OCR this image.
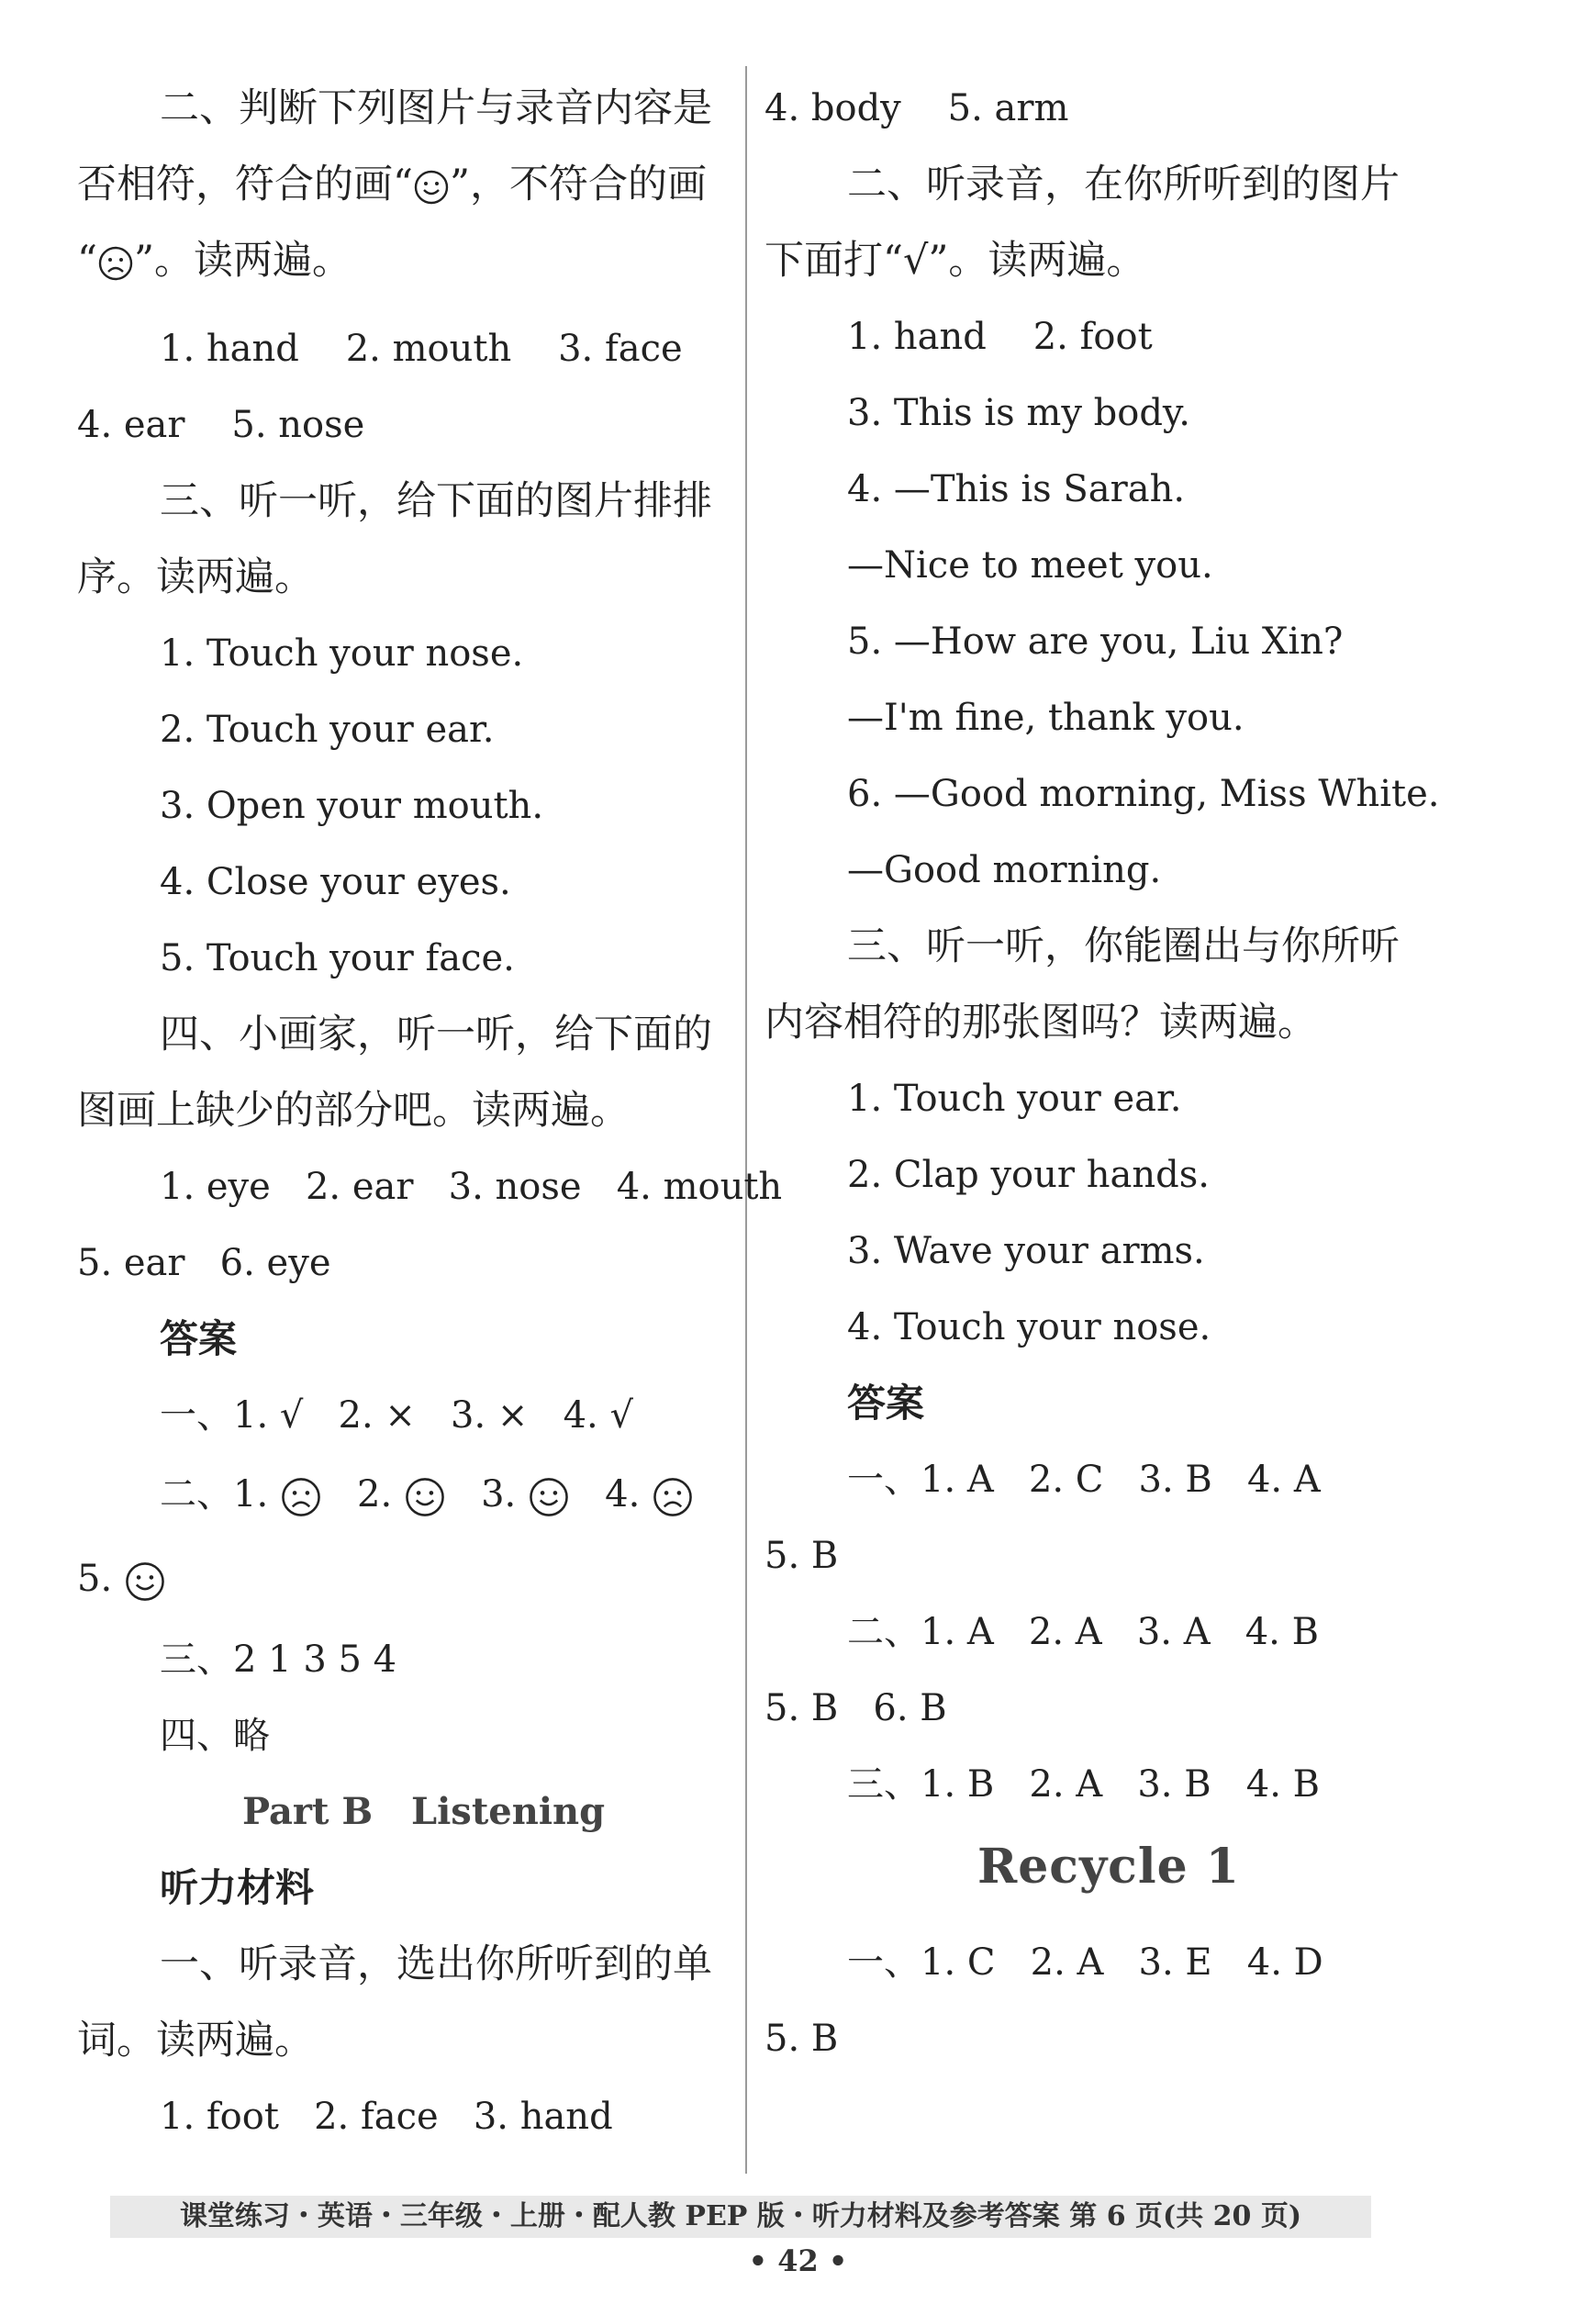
二、判断下列图片与录音内容是
否相符，符合的画“ ”，不符合的画
“ ”。读两遍。
1. hand    2. mouth    3. face
4. ear    5. nose
三、听一听，给下面的图片排排
序。读两遍。
1. Touch your nose.
2. Touch your ear.
3. Open your mouth.
4. Close your eyes.
5. Touch your face.
四、小画家，听一听，给下面的
图画上缺少的部分吧。读两遍。
1. eye   2. ear   3. nose   4. mouth
5. ear   6. eye
答案
一、1. √   2. ×   3. ×   4. √
二、1. 2. 3. 4.
5.
三、2 1 3 5 4
四、略
Part B   Listening
听力材料
一、听录音，选出你所听到的单
词。读两遍。
1. foot   2. face   3. hand
4. body    5. arm
二、听录音，在你所听到的图片
下面打“√”。读两遍。
1. hand    2. foot
3. This is my body.
4. —This is Sarah.
—Nice to meet you.
5. —How are you, Liu Xin?
—I'm fine, thank you.
6. —Good morning, Miss White.
—Good morning.
三、听一听，你能圈出与你所听
内容相符的那张图吗？读两遍。
1. Touch your ear.
2. Clap your hands.
3. Wave your arms.
4. Touch your nose.
答案
一、1. A   2. C   3. B   4. A
5. B
二、1. A   2. A   3. A   4. B
5. B   6. B
三、1. B   2. A   3. B   4. B
Recycle 1
一、1. C   2. A   3. E   4. D
5. B
课堂练习・英语・三年级・上册・配人教 PEP 版・听力材料及参考答案 第 6 页(共 20 页)
• 42 •
